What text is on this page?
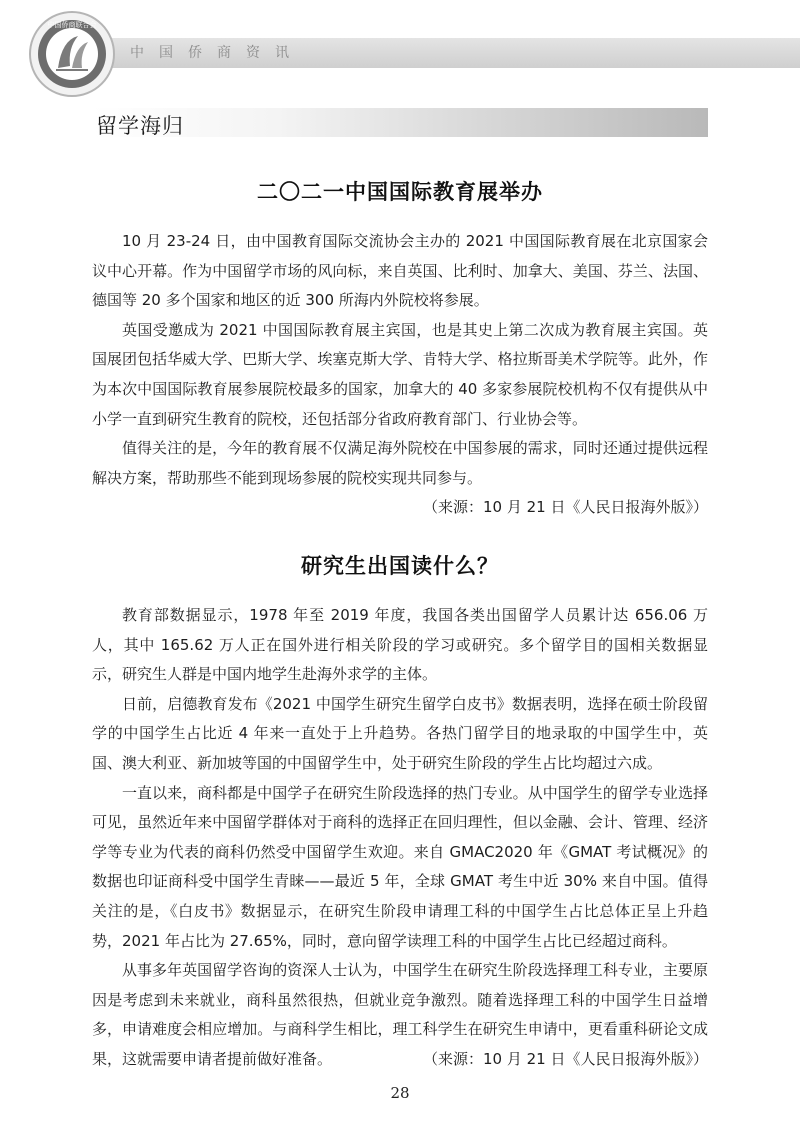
中国侨商资讯
中国侨商联合会
留学海归
二〇二一中国国际教育展举办

10 月 23-24 日，由中国教育国际交流协会主办的 2021 中国国际教育展在北京国家会议中心开幕。作为中国留学市场的风向标，来自英国、比利时、加拿大、美国、芬兰、法国、德国等 20 多个国家和地区的近 300 所海内外院校将参展。

英国受邀成为 2021 中国国际教育展主宾国，也是其史上第二次成为教育展主宾国。英国展团包括华威大学、巴斯大学、埃塞克斯大学、肯特大学、格拉斯哥美术学院等。此外，作为本次中国国际教育展参展院校最多的国家，加拿大的 40 多家参展院校机构不仅有提供从中小学一直到研究生教育的院校，还包括部分省政府教育部门、行业协会等。

值得关注的是，今年的教育展不仅满足海外院校在中国参展的需求，同时还通过提供远程解决方案，帮助那些不能到现场参展的院校实现共同参与。

（来源：10 月 21 日《人民日报海外版》）

研究生出国读什么？

教育部数据显示，1978 年至 2019 年度，我国各类出国留学人员累计达 656.06 万人，其中 165.62 万人正在国外进行相关阶段的学习或研究。多个留学目的国相关数据显示，研究生人群是中国内地学生赴海外求学的主体。

日前，启德教育发布《2021 中国学生研究生留学白皮书》数据表明，选择在硕士阶段留学的中国学生占比近 4 年来一直处于上升趋势。各热门留学目的地录取的中国学生中，英国、澳大利亚、新加坡等国的中国留学生中，处于研究生阶段的学生占比均超过六成。

一直以来，商科都是中国学子在研究生阶段选择的热门专业。从中国学生的留学专业选择可见，虽然近年来中国留学群体对于商科的选择正在回归理性，但以金融、会计、管理、经济学等专业为代表的商科仍然受中国留学生欢迎。来自 GMAC2020 年《GMAT 考试概况》的数据也印证商科受中国学生青睐——最近 5 年，全球 GMAT 考生中近 30% 来自中国。值得关注的是，《白皮书》数据显示，在研究生阶段申请理工科的中国学生占比总体正呈上升趋势，2021 年占比为 27.65%，同时，意向留学读理工科的中国学生占比已经超过商科。

从事多年英国留学咨询的资深人士认为，中国学生在研究生阶段选择理工科专业，主要原因是考虑到未来就业，商科虽然很热，但就业竞争激烈。随着选择理工科的中国学生日益增多，申请难度会相应增加。与商科学生相比，理工科学生在研究生申请中，更看重科研论文成果，这就需要申请者提前做好准备。	（来源：10 月 21 日《人民日报海外版》）

28
